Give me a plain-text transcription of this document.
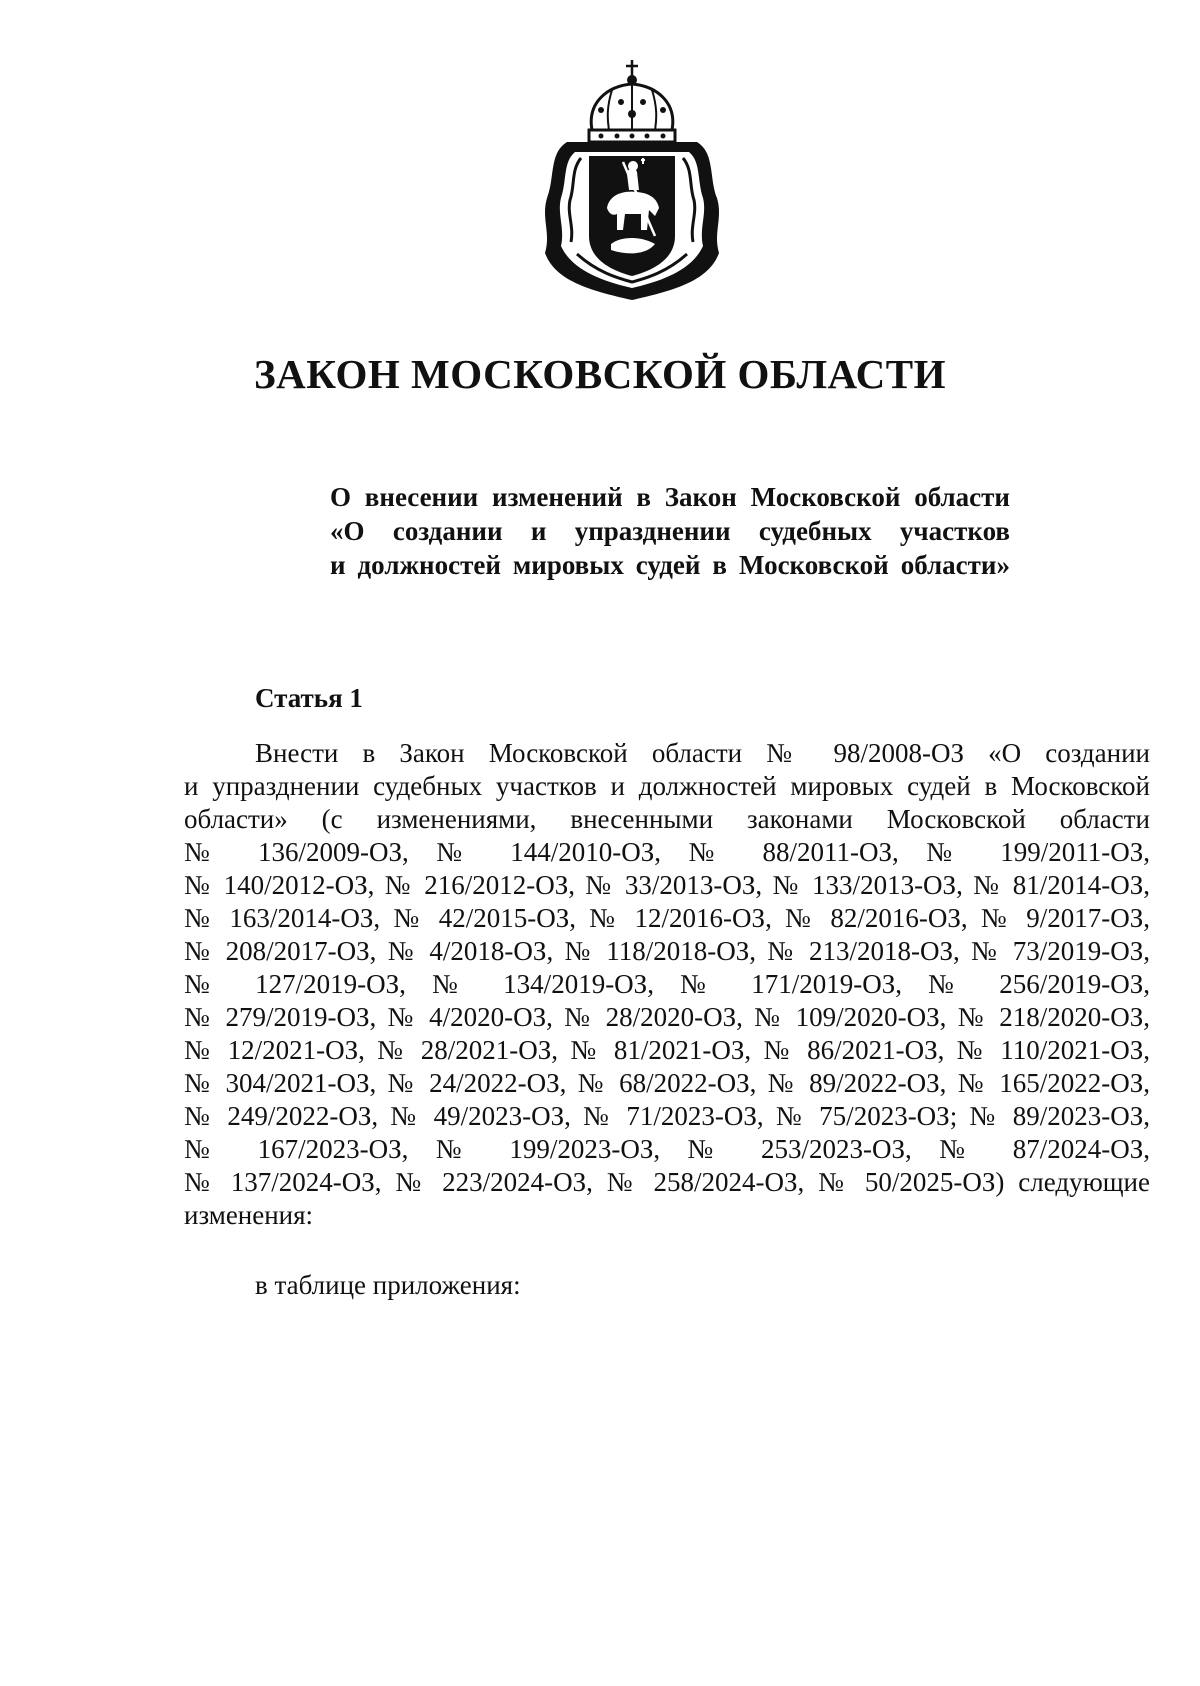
ЗАКОН МОСКОВСКОЙ ОБЛАСТИ
О внесении изменений в Закон Московской области
«О создании и упразднении судебных участков
и должностей мировых судей в Московской области»
Статья 1
Внести в Закон Московской области № 98/2008-ОЗ «О создании
и упразднении судебных участков и должностей мировых судей в Московской
области» (с изменениями, внесенными законами Московской области
№ 136/2009-ОЗ, № 144/2010-ОЗ, № 88/2011-ОЗ, № 199/2011-ОЗ,
№ 140/2012-ОЗ, № 216/2012-ОЗ, № 33/2013-ОЗ, № 133/2013-ОЗ, № 81/2014-ОЗ,
№ 163/2014-ОЗ, № 42/2015-ОЗ, № 12/2016-ОЗ, № 82/2016-ОЗ, № 9/2017-ОЗ,
№ 208/2017-ОЗ, № 4/2018-ОЗ, № 118/2018-ОЗ, № 213/2018-ОЗ, № 73/2019-ОЗ,
№ 127/2019-ОЗ, № 134/2019-ОЗ, № 171/2019-ОЗ, № 256/2019-ОЗ,
№ 279/2019-ОЗ, № 4/2020-ОЗ, № 28/2020-ОЗ, № 109/2020-ОЗ, № 218/2020-ОЗ,
№ 12/2021-ОЗ, № 28/2021-ОЗ, № 81/2021-ОЗ, № 86/2021-ОЗ, № 110/2021-ОЗ,
№ 304/2021-ОЗ, № 24/2022-ОЗ, № 68/2022-ОЗ, № 89/2022-ОЗ, № 165/2022-ОЗ,
№ 249/2022-ОЗ, № 49/2023-ОЗ, № 71/2023-ОЗ, № 75/2023-ОЗ; № 89/2023-ОЗ,
№ 167/2023-ОЗ, № 199/2023-ОЗ, № 253/2023-ОЗ, № 87/2024-ОЗ,
№ 137/2024-ОЗ, № 223/2024-ОЗ, № 258/2024-ОЗ, № 50/2025-ОЗ) следующие
изменения:
в таблице приложения:
